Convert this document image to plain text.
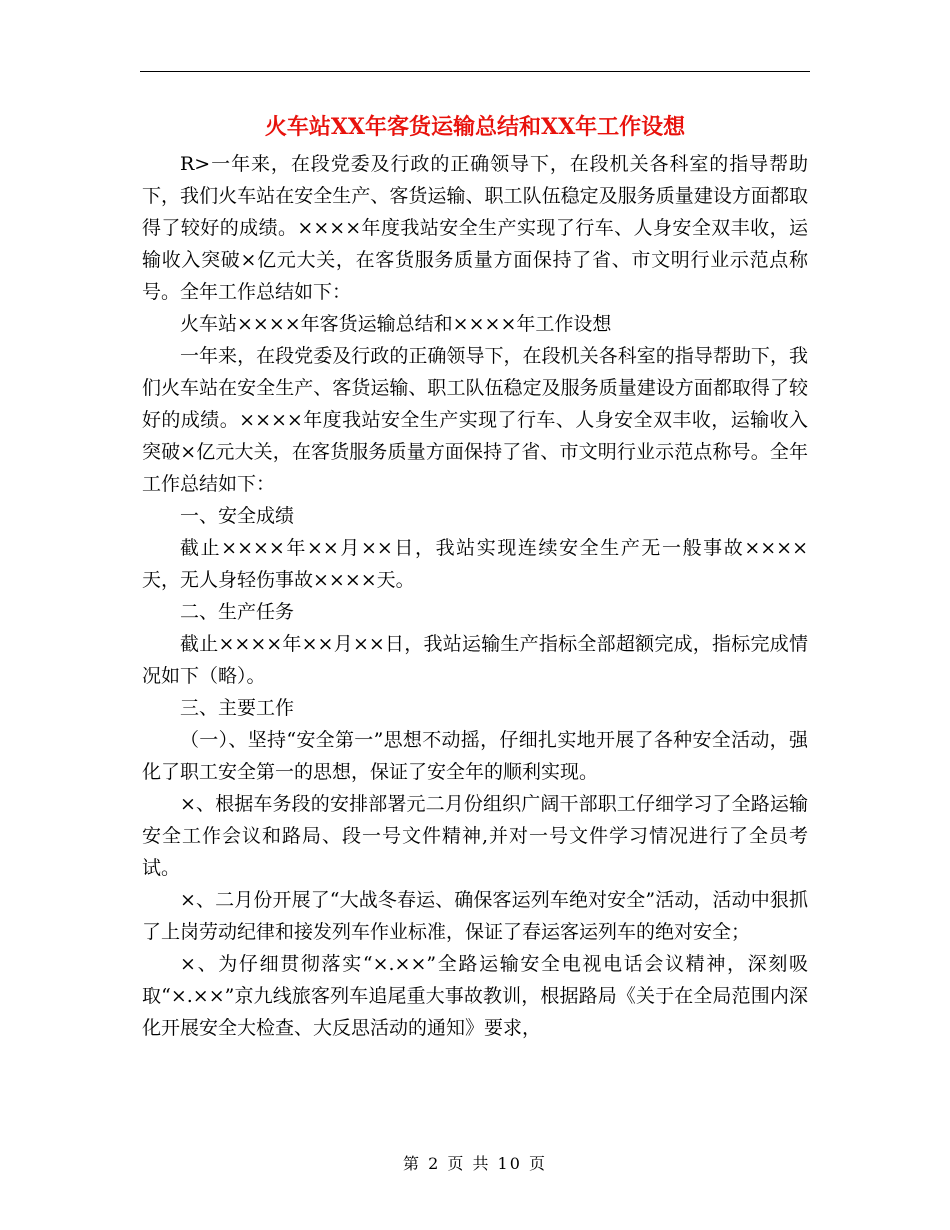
火车站XX年客货运输总结和XX年工作设想

R>一年来，在段党委及行政的正确领导下，在段机关各科室的指导帮助下，我们火车站在安全生产、客货运输、职工队伍稳定及服务质量建设方面都取得了较好的成绩。××××年度我站安全生产实现了行车、人身安全双丰收，运输收入突破×亿元大关，在客货服务质量方面保持了省、市文明行业示范点称号。全年工作总结如下：

火车站××××年客货运输总结和××××年工作设想

一年来，在段党委及行政的正确领导下，在段机关各科室的指导帮助下，我们火车站在安全生产、客货运输、职工队伍稳定及服务质量建设方面都取得了较好的成绩。××××年度我站安全生产实现了行车、人身安全双丰收，运输收入突破×亿元大关，在客货服务质量方面保持了省、市文明行业示范点称号。全年工作总结如下：

一、安全成绩

截止××××年××月××日，我站实现连续安全生产无一般事故××××天，无人身轻伤事故××××天。

二、生产任务

截止××××年××月××日，我站运输生产指标全部超额完成，指标完成情况如下（略）。

三、主要工作

（一）、坚持“安全第一”思想不动摇，仔细扎实地开展了各种安全活动，强化了职工安全第一的思想，保证了安全年的顺利实现。

×、根据车务段的安排部署元二月份组织广阔干部职工仔细学习了全路运输安全工作会议和路局、段一号文件精神,并对一号文件学习情况进行了全员考试。

×、二月份开展了“大战冬春运、确保客运列车绝对安全”活动，活动中狠抓了上岗劳动纪律和接发列车作业标准，保证了春运客运列车的绝对安全；

×、为仔细贯彻落实“×.××”全路运输安全电视电话会议精神，深刻吸取“×.××”京九线旅客列车追尾重大事故教训，根据路局《关于在全局范围内深化开展安全大检查、大反思活动的通知》要求，

第 2 页 共 10 页
